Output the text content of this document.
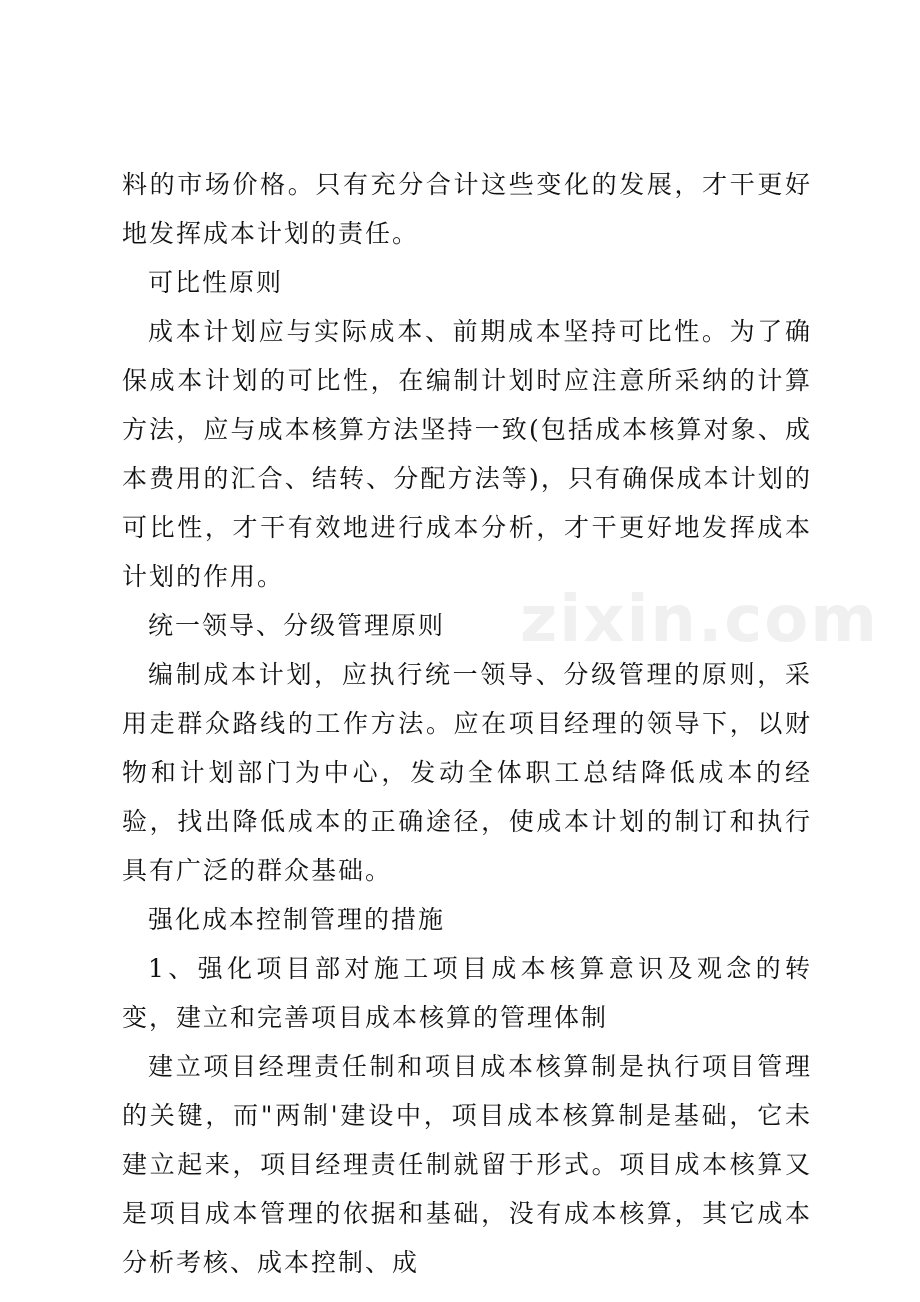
料的市场价格。只有充分合计这些变化的发展，才干更好地发挥成本计划的责任。

可比性原则

成本计划应与实际成本、前期成本坚持可比性。为了确保成本计划的可比性，在编制计划时应注意所采纳的计算方法，应与成本核算方法坚持一致(包括成本核算对象、成本费用的汇合、结转、分配方法等)，只有确保成本计划的可比性，才干有效地进行成本分析，才干更好地发挥成本计划的作用。

统一领导、分级管理原则

编制成本计划，应执行统一领导、分级管理的原则，采用走群众路线的工作方法。应在项目经理的领导下，以财物和计划部门为中心，发动全体职工总结降低成本的经验，找出降低成本的正确途径，使成本计划的制订和执行具有广泛的群众基础。

强化成本控制管理的措施

1、强化项目部对施工项目成本核算意识及观念的转变，建立和完善项目成本核算的管理体制

建立项目经理责任制和项目成本核算制是执行项目管理的关键，而"两制'建设中，项目成本核算制是基础，它未建立起来，项目经理责任制就留于形式。项目成本核算又是项目成本管理的依据和基础，没有成本核算，其它成本分析考核、成本控制、成

zixin.com
